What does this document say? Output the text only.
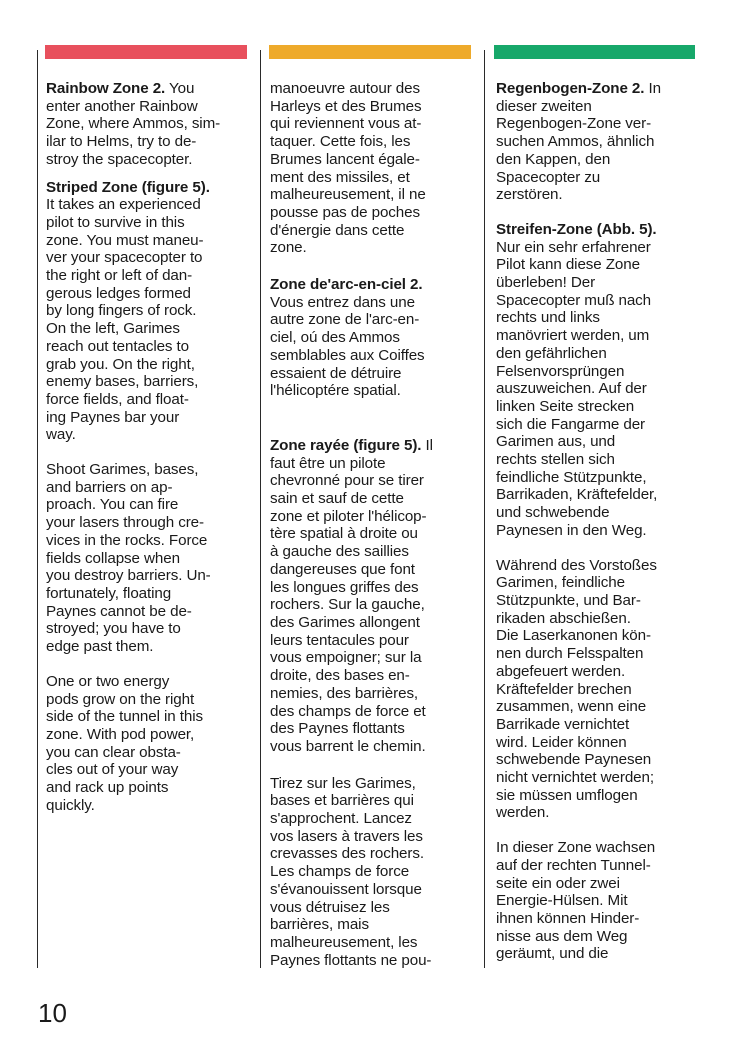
Rainbow Zone 2. You
enter another Rainbow
Zone, where Ammos, sim-
ilar to Helms, try to de-
stroy the spacecopter.

Striped Zone (figure 5).
It takes an experienced
pilot to survive in this
zone. You must maneu-
ver your spacecopter to
the right or left of dan-
gerous ledges formed
by long fingers of rock.
On the left, Garimes
reach out tentacles to
grab you. On the right,
enemy bases, barriers,
force fields, and float-
ing Paynes bar your
way.

Shoot Garimes, bases,
and barriers on ap-
proach. You can fire
your lasers through cre-
vices in the rocks. Force
fields collapse when
you destroy barriers. Un-
fortunately, floating
Paynes cannot be de-
stroyed; you have to
edge past them.

One or two energy
pods grow on the right
side of the tunnel in this
zone. With pod power,
you can clear obsta-
cles out of your way
and rack up points
quickly.

manoeuvre autour des
Harleys et des Brumes
qui reviennent vous at-
taquer. Cette fois, les
Brumes lancent égale-
ment des missiles, et
malheureusement, il ne
pousse pas de poches
d'énergie dans cette
zone.

Zone de'arc-en-ciel 2.
Vous entrez dans une
autre zone de l'arc-en-
ciel, oú des Ammos
semblables aux Coiffes
essaient de détruire
l'hélicoptére spatial.

Zone rayée (figure 5). Il
faut être un pilote
chevronné pour se tirer
sain et sauf de cette
zone et piloter l'hélicop-
tère spatial à droite ou
à gauche des saillies
dangereuses que font
les longues griffes des
rochers. Sur la gauche,
des Garimes allongent
leurs tentacules pour
vous empoigner; sur la
droite, des bases en-
nemies, des barrières,
des champs de force et
des Paynes flottants
vous barrent le chemin.

Tirez sur les Garimes,
bases et barrières qui
s'approchent. Lancez
vos lasers à travers les
crevasses des rochers.
Les champs de force
s'évanouissent lorsque
vous détruisez les
barrières, mais
malheureusement, les
Paynes flottants ne pou-

Regenbogen-Zone 2. In
dieser zweiten
Regenbogen-Zone ver-
suchen Ammos, ähnlich
den Kappen, den
Spacecopter zu
zerstören.

Streifen-Zone (Abb. 5).
Nur ein sehr erfahrener
Pilot kann diese Zone
überleben! Der
Spacecopter muß nach
rechts und links
manövriert werden, um
den gefährlichen
Felsenvorsprüngen
auszuweichen. Auf der
linken Seite strecken
sich die Fangarme der
Garimen aus, und
rechts stellen sich
feindliche Stützpunkte,
Barrikaden, Kräftefelder,
und schwebende
Paynesen in den Weg.

Während des Vorstoßes
Garimen, feindliche
Stützpunkte, und Bar-
rikaden abschießen.
Die Laserkanonen kön-
nen durch Felsspalten
abgefeuert werden.
Kräftefelder brechen
zusammen, wenn eine
Barrikade vernichtet
wird. Leider können
schwebende Paynesen
nicht vernichtet werden;
sie müssen umflogen
werden.

In dieser Zone wachsen
auf der rechten Tunnel-
seite ein oder zwei
Energie-Hülsen. Mit
ihnen können Hinder-
nisse aus dem Weg
geräumt, und die

10
